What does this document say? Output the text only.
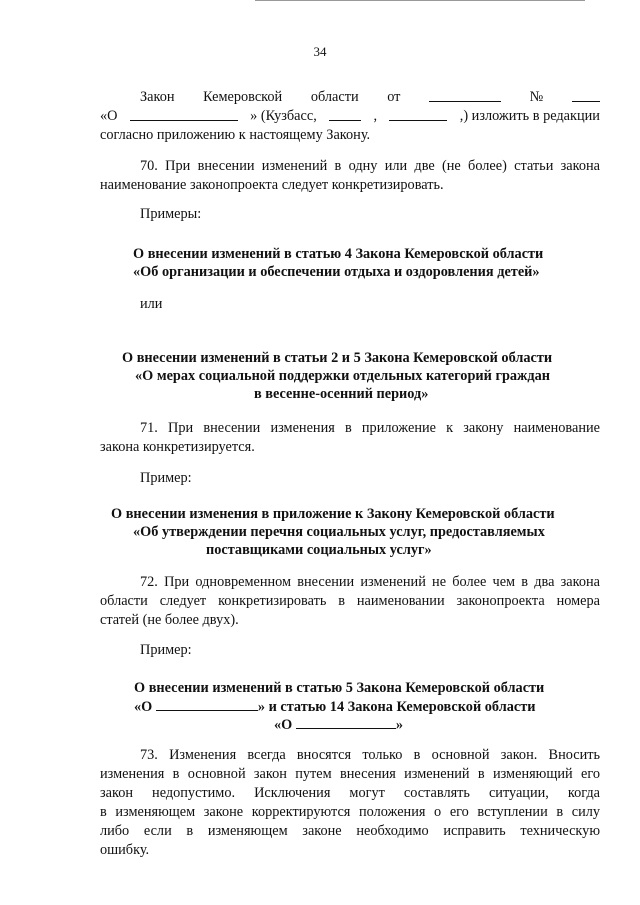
34
Закон Кемеровской области от	№
«О	» (Кузбасс,	,	,) изложить в редакции
согласно приложению к настоящему Закону.
70. При внесении изменений в одну или две (не более) статьи закона
наименование законопроекта следует конкретизировать.
Примеры:
О внесении изменений в статью 4 Закона Кемеровской области
«Об организации и обеспечении отдыха и оздоровления детей»
или
О внесении изменений в статьи 2 и 5 Закона Кемеровской области
«О мерах социальной поддержки отдельных категорий граждан
в весенне-осенний период»
71. При внесении изменения в приложение к закону наименование
закона конкретизируется.
Пример:
О внесении изменения в приложение к Закону Кемеровской области
«Об утверждении перечня социальных услуг, предоставляемых
поставщиками социальных услуг»
72. При одновременном внесении изменений не более чем в два закона
области следует конкретизировать в наименовании законопроекта номера
статей (не более двух).
Пример:
О внесении изменений в статью 5 Закона Кемеровской области
«О	» и статью 14 Закона Кемеровской области
«О	»
73. Изменения всегда вносятся только в основной закон. Вносить
изменения в основной закон путем внесения изменений в изменяющий его
закон недопустимо. Исключения могут составлять ситуации, когда
в изменяющем законе корректируются положения о его вступлении в силу
либо если в изменяющем законе необходимо исправить техническую
ошибку.
